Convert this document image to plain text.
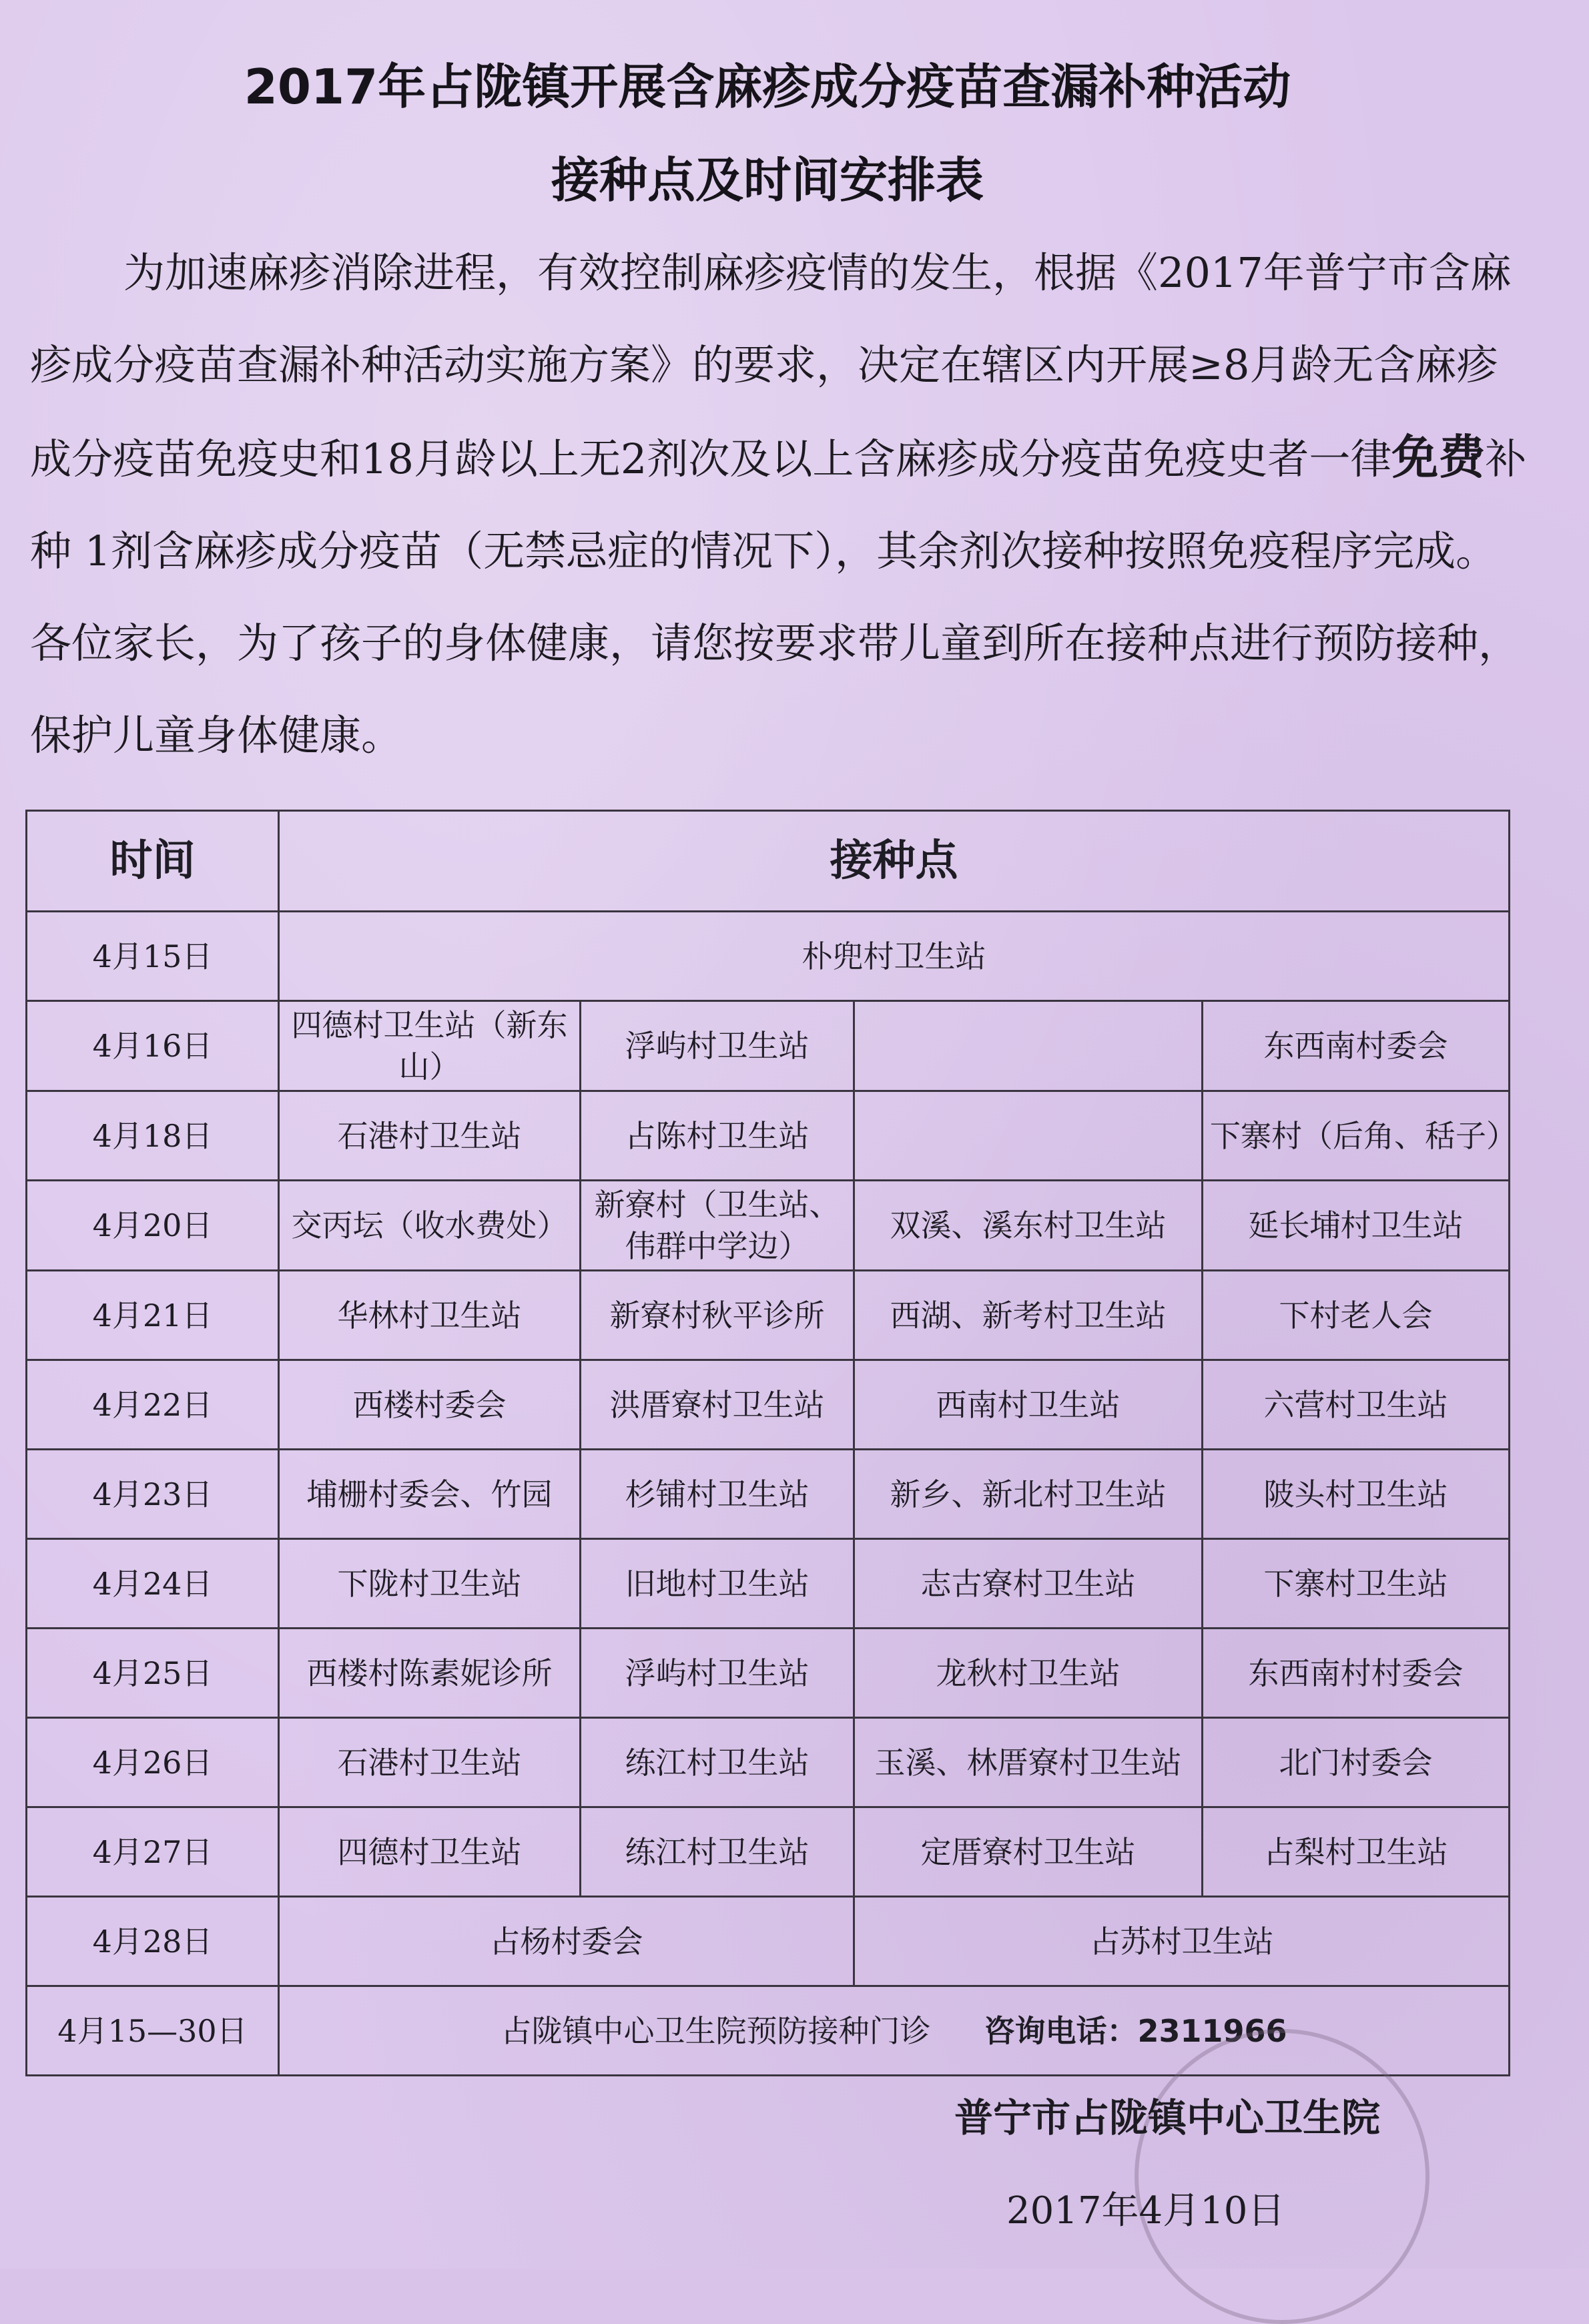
2017年占陇镇开展含麻疹成分疫苗查漏补种活动
接种点及时间安排表

为加速麻疹消除进程，有效控制麻疹疫情的发生，根据《2017年普宁市含麻疹成分疫苗查漏补种活动实施方案》的要求，决定在辖区内开展≥8月龄无含麻疹成分疫苗免疫史和18月龄以上无2剂次及以上含麻疹成分疫苗免疫史者一律免费补种 1剂含麻疹成分疫苗（无禁忌症的情况下），其余剂次接种按照免疫程序完成。各位家长，为了孩子的身体健康，请您按要求带儿童到所在接种点进行预防接种，保护儿童身体健康。

时间	接种点			
4月15日	朴兜村卫生站			
4月16日	四德村卫生站（新东山）	浮屿村卫生站		东西南村委会
4月18日	石港村卫生站	占陈村卫生站		下寨村（后角、秳子）
4月20日	交丙坛（收水费处）	新寮村（卫生站、伟群中学边）	双溪、溪东村卫生站	延长埔村卫生站
4月21日	华林村卫生站	新寮村秋平诊所	西湖、新考村卫生站	下村老人会
4月22日	西楼村委会	洪厝寮村卫生站	西南村卫生站	六营村卫生站
4月23日	埔栅村委会、竹园	杉铺村卫生站	新乡、新北村卫生站	陂头村卫生站
4月24日	下陇村卫生站	旧地村卫生站	志古寮村卫生站	下寨村卫生站
4月25日	西楼村陈素妮诊所	浮屿村卫生站	龙秋村卫生站	东西南村村委会
4月26日	石港村卫生站	练江村卫生站	玉溪、林厝寮村卫生站	北门村委会
4月27日	四德村卫生站	练江村卫生站	定厝寮村卫生站	占梨村卫生站
4月28日	占杨村委会		占苏村卫生站	
4月15—30日	占陇镇中心卫生院预防接种门诊 咨询电话：2311966			
普宁市占陇镇中心卫生院
2017年4月10日
